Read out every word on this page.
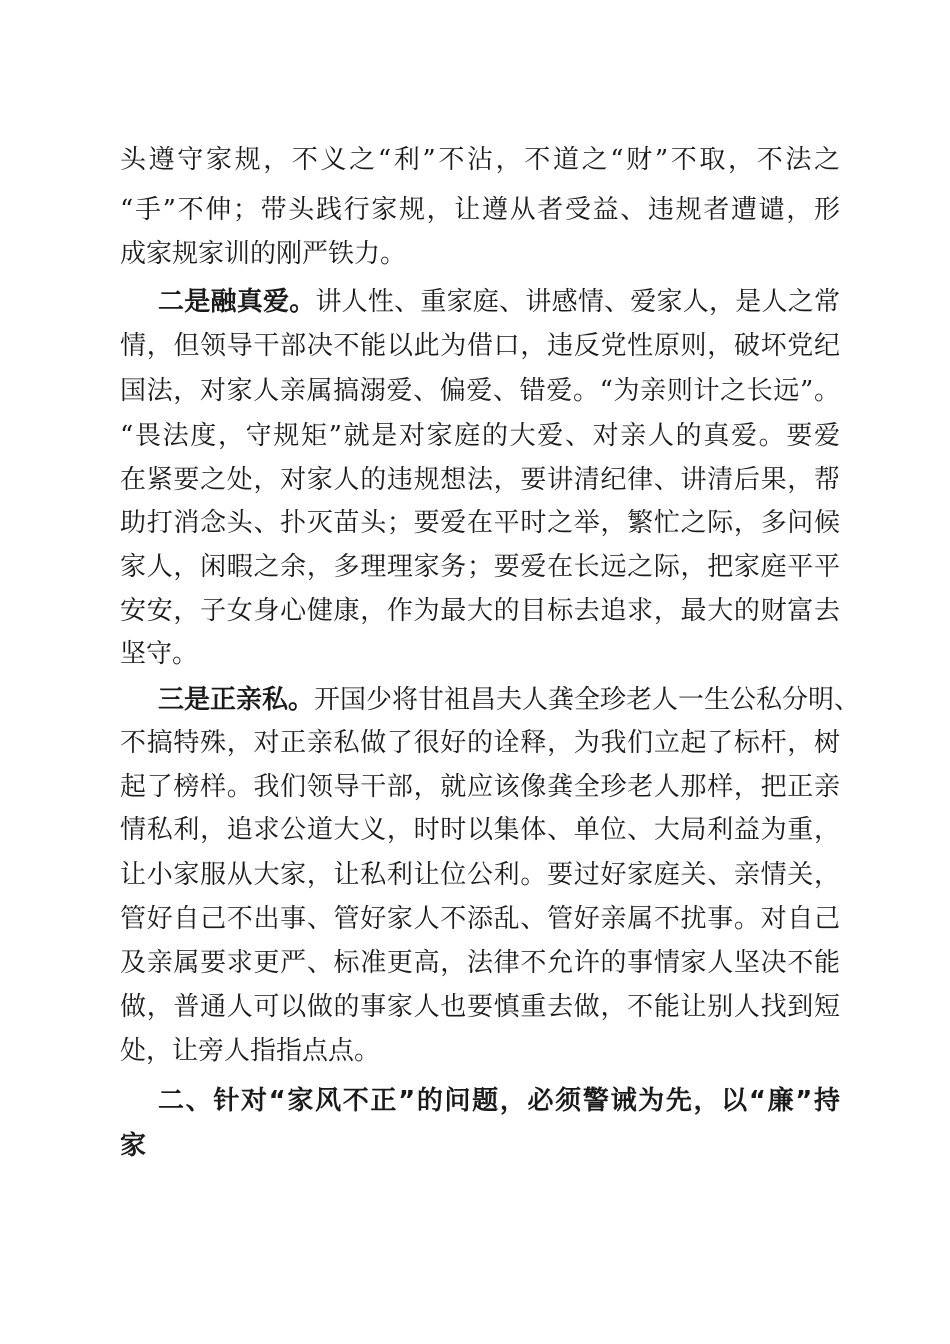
头遵守家规，不义之“利”不沾，不道之“财”不取，不法之
“手”不伸；带头践行家规，让遵从者受益、违规者遭谴，形
成家规家训的刚严铁力。
二是融真爱。讲人性、重家庭、讲感情、爱家人，是人之常
情，但领导干部决不能以此为借口，违反党性原则，破坏党纪
国法，对家人亲属搞溺爱、偏爱、错爱。“为亲则计之长远”。
“畏法度，守规矩”就是对家庭的大爱、对亲人的真爱。要爱
在紧要之处，对家人的违规想法，要讲清纪律、讲清后果，帮
助打消念头、扑灭苗头；要爱在平时之举，繁忙之际，多问候
家人，闲暇之余，多理理家务；要爱在长远之际，把家庭平平
安安，子女身心健康，作为最大的目标去追求，最大的财富去
坚守。
三是正亲私。开国少将甘祖昌夫人龚全珍老人一生公私分明、
不搞特殊，对正亲私做了很好的诠释，为我们立起了标杆，树
起了榜样。我们领导干部，就应该像龚全珍老人那样，把正亲
情私利，追求公道大义，时时以集体、单位、大局利益为重，
让小家服从大家，让私利让位公利。要过好家庭关、亲情关，
管好自己不出事、管好家人不添乱、管好亲属不扰事。对自己
及亲属要求更严、标准更高，法律不允许的事情家人坚决不能
做，普通人可以做的事家人也要慎重去做，不能让别人找到短
处，让旁人指指点点。
二、针对“家风不正”的问题，必须警诫为先，以“廉”持
家
